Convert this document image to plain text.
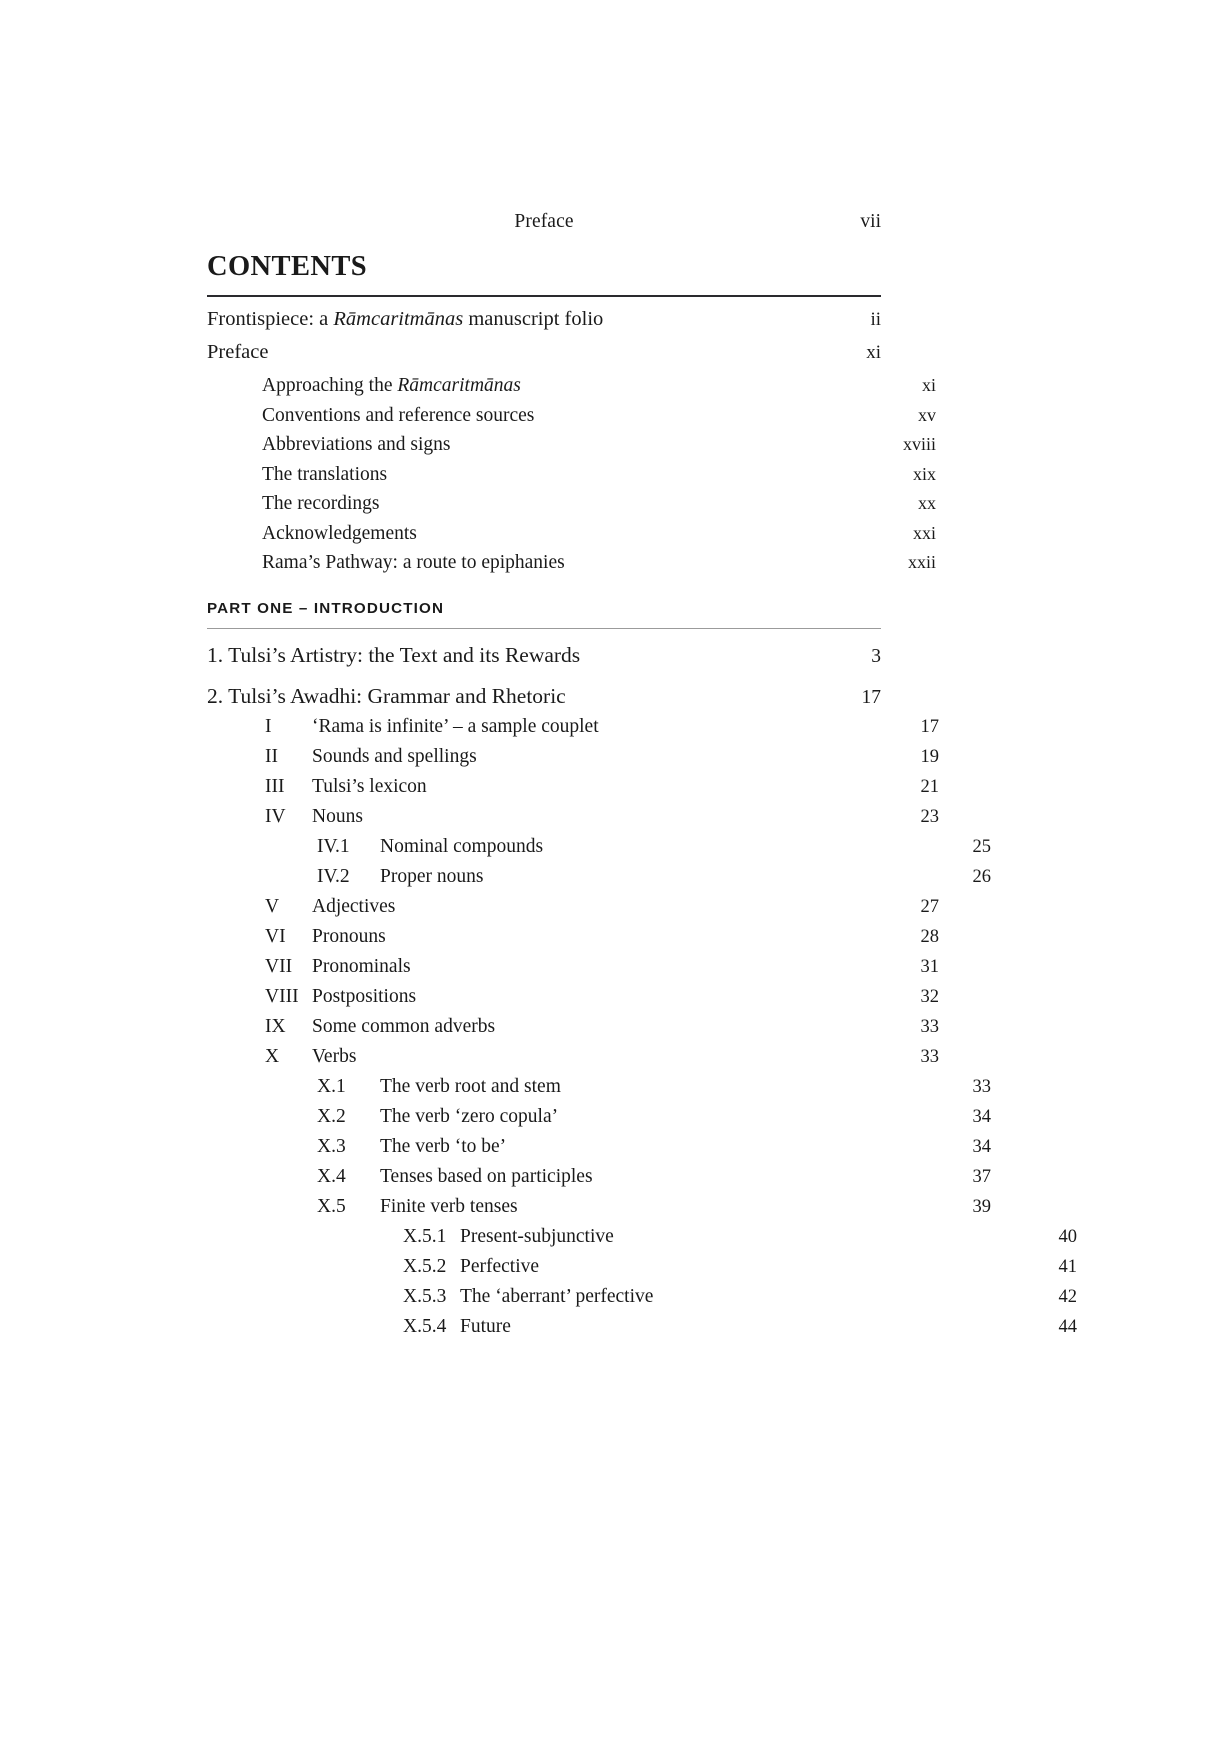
Preface	vii
CONTENTS
Frontispiece: a Rāmcaritmānas manuscript folio	ii
Preface	xi
Approaching the Rāmcaritmānas	xi
Conventions and reference sources	xv
Abbreviations and signs	xviii
The translations	xix
The recordings	xx
Acknowledgements	xxi
Rama’s Pathway: a route to epiphanies	xxii
PART ONE – INTRODUCTION
1. Tulsi’s Artistry: the Text and its Rewards	3
2. Tulsi’s Awadhi: Grammar and Rhetoric	17
I	‘Rama is infinite’ – a sample couplet	17
II	Sounds and spellings	19
III	Tulsi’s lexicon	21
IV	Nouns	23
IV.1	Nominal compounds	25
IV.2	Proper nouns	26
V	Adjectives	27
VI	Pronouns	28
VII	Pronominals	31
VIII Postpositions	32
IX	Some common adverbs	33
X	Verbs	33
X.1	The verb root and stem	33
X.2	The verb ‘zero copula’	34
X.3	The verb ‘to be’	34
X.4	Tenses based on participles	37
X.5	Finite verb tenses	39
X.5.1 Present-subjunctive	40
X.5.2 Perfective	41
X.5.3 The ‘aberrant’ perfective	42
X.5.4 Future	44
